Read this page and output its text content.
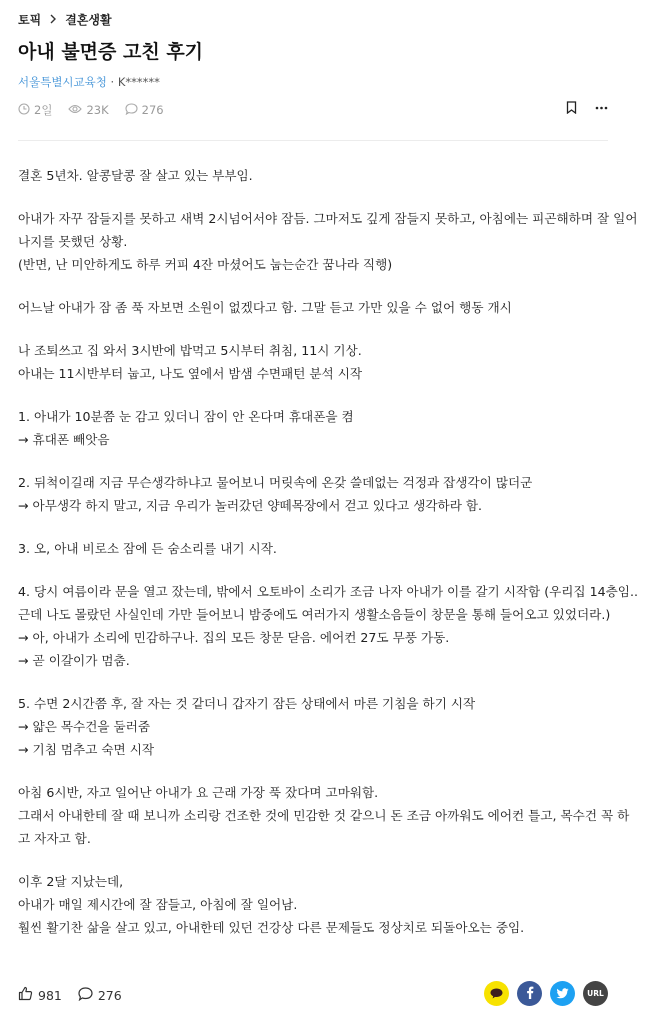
토픽 결혼생활
아내 불면증 고친 후기
서울특별시교육청 · K******
2일	23K	276
결혼 5년차. 알콩달콩 잘 살고 있는 부부임.
아내가 자꾸 잠들지를 못하고 새벽 2시넘어서야 잠듬. 그마저도 깊게 잠들지 못하고, 아침에는 피곤해하며 잘 일어
나지를 못했던 상황.
(반면, 난 미안하게도 하루 커피 4잔 마셨어도 눕는순간 꿈나라 직행)
어느날 아내가 잠 좀 푹 자보면 소원이 없겠다고 함. 그말 듣고 가만 있을 수 없어 행동 개시
나 조퇴쓰고 집 와서 3시반에 밥먹고 5시부터 취침, 11시 기상.
아내는 11시반부터 눕고, 나도 옆에서 밤샘 수면패턴 분석 시작
1. 아내가 10분쯤 눈 감고 있더니 잠이 안 온다며 휴대폰을 켬
→ 휴대폰 빼앗음
2. 뒤척이길래 지금 무슨생각하냐고 물어보니 머릿속에 온갖 쓸데없는 걱정과 잡생각이 많더군
→ 아무생각 하지 말고, 지금 우리가 놀러갔던 양떼목장에서 걷고 있다고 생각하라 함.
3. 오, 아내 비로소 잠에 든 숨소리를 내기 시작.
4. 당시 여름이라 문을 열고 잤는데, 밖에서 오토바이 소리가 조금 나자 아내가 이를 갈기 시작함 (우리집 14층임..
근데 나도 몰랐던 사실인데 가만 들어보니 밤중에도 여러가지 생활소음들이 창문을 통해 들어오고 있었더라.)
→ 아, 아내가 소리에 민감하구나. 집의 모든 창문 닫음. 에어컨 27도 무풍 가동.
→ 곧 이갈이가 멈춤.
5. 수면 2시간쯤 후, 잘 자는 것 같더니 갑자기 잠든 상태에서 마른 기침을 하기 시작
→ 얇은 목수건을 둘러줌
→ 기침 멈추고 숙면 시작
아침 6시반, 자고 일어난 아내가 요 근래 가장 푹 잤다며 고마워함.
그래서 아내한테 잘 때 보니까 소리랑 건조한 것에 민감한 것 같으니 돈 조금 아까워도 에어컨 틀고, 목수건 꼭 하
고 자자고 함.
이후 2달 지났는데,
아내가 매일 제시간에 잘 잠들고, 아침에 잘 일어남.
훨씬 활기찬 삶을 살고 있고, 아내한테 있던 건강상 다른 문제들도 정상치로 되돌아오는 중임.
981	276	URL
